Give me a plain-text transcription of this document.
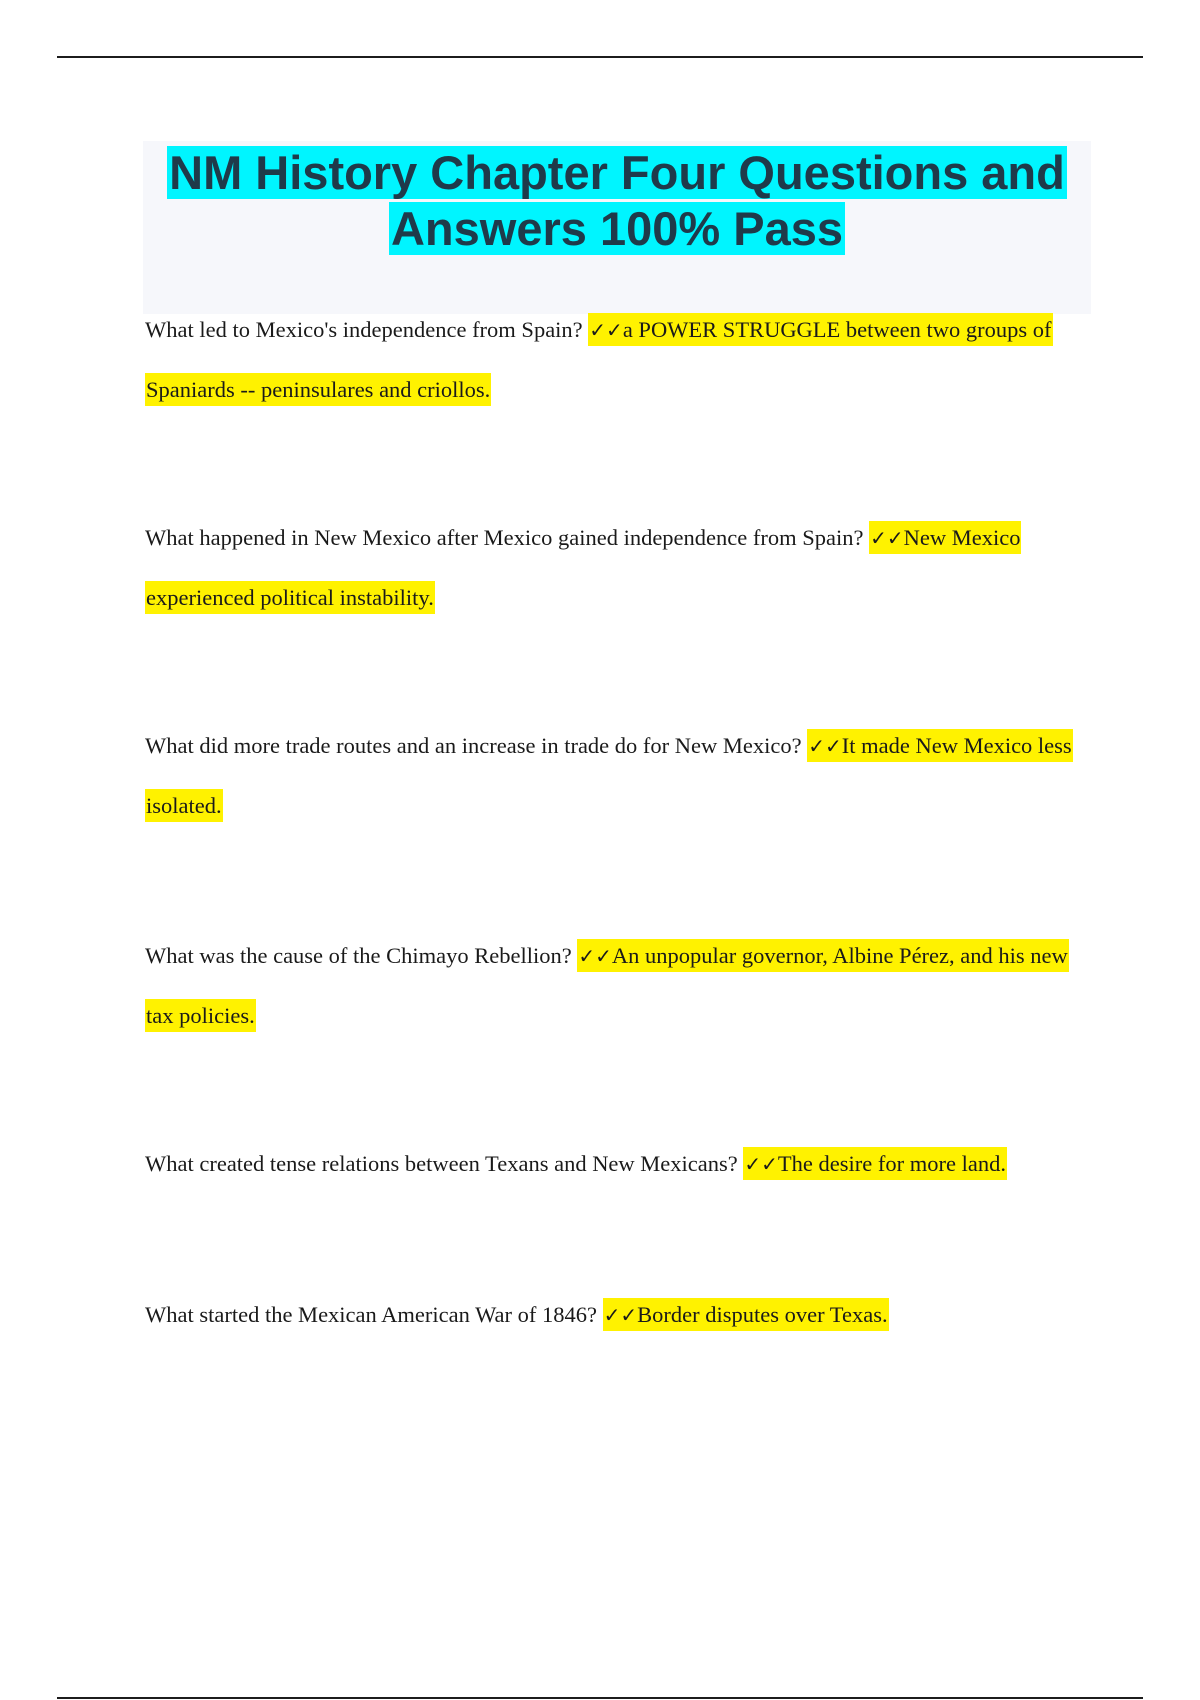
NM History Chapter Four Questions and Answers 100% Pass

What led to Mexico's independence from Spain? ✓✓a POWER STRUGGLE between two groups of Spaniards -- peninsulares and criollos.

What happened in New Mexico after Mexico gained independence from Spain? ✓✓New Mexico experienced political instability.

What did more trade routes and an increase in trade do for New Mexico? ✓✓It made New Mexico less isolated.

What was the cause of the Chimayo Rebellion? ✓✓An unpopular governor, Albine Pérez, and his new tax policies.

What created tense relations between Texans and New Mexicans? ✓✓The desire for more land.

What started the Mexican American War of 1846? ✓✓Border disputes over Texas.
